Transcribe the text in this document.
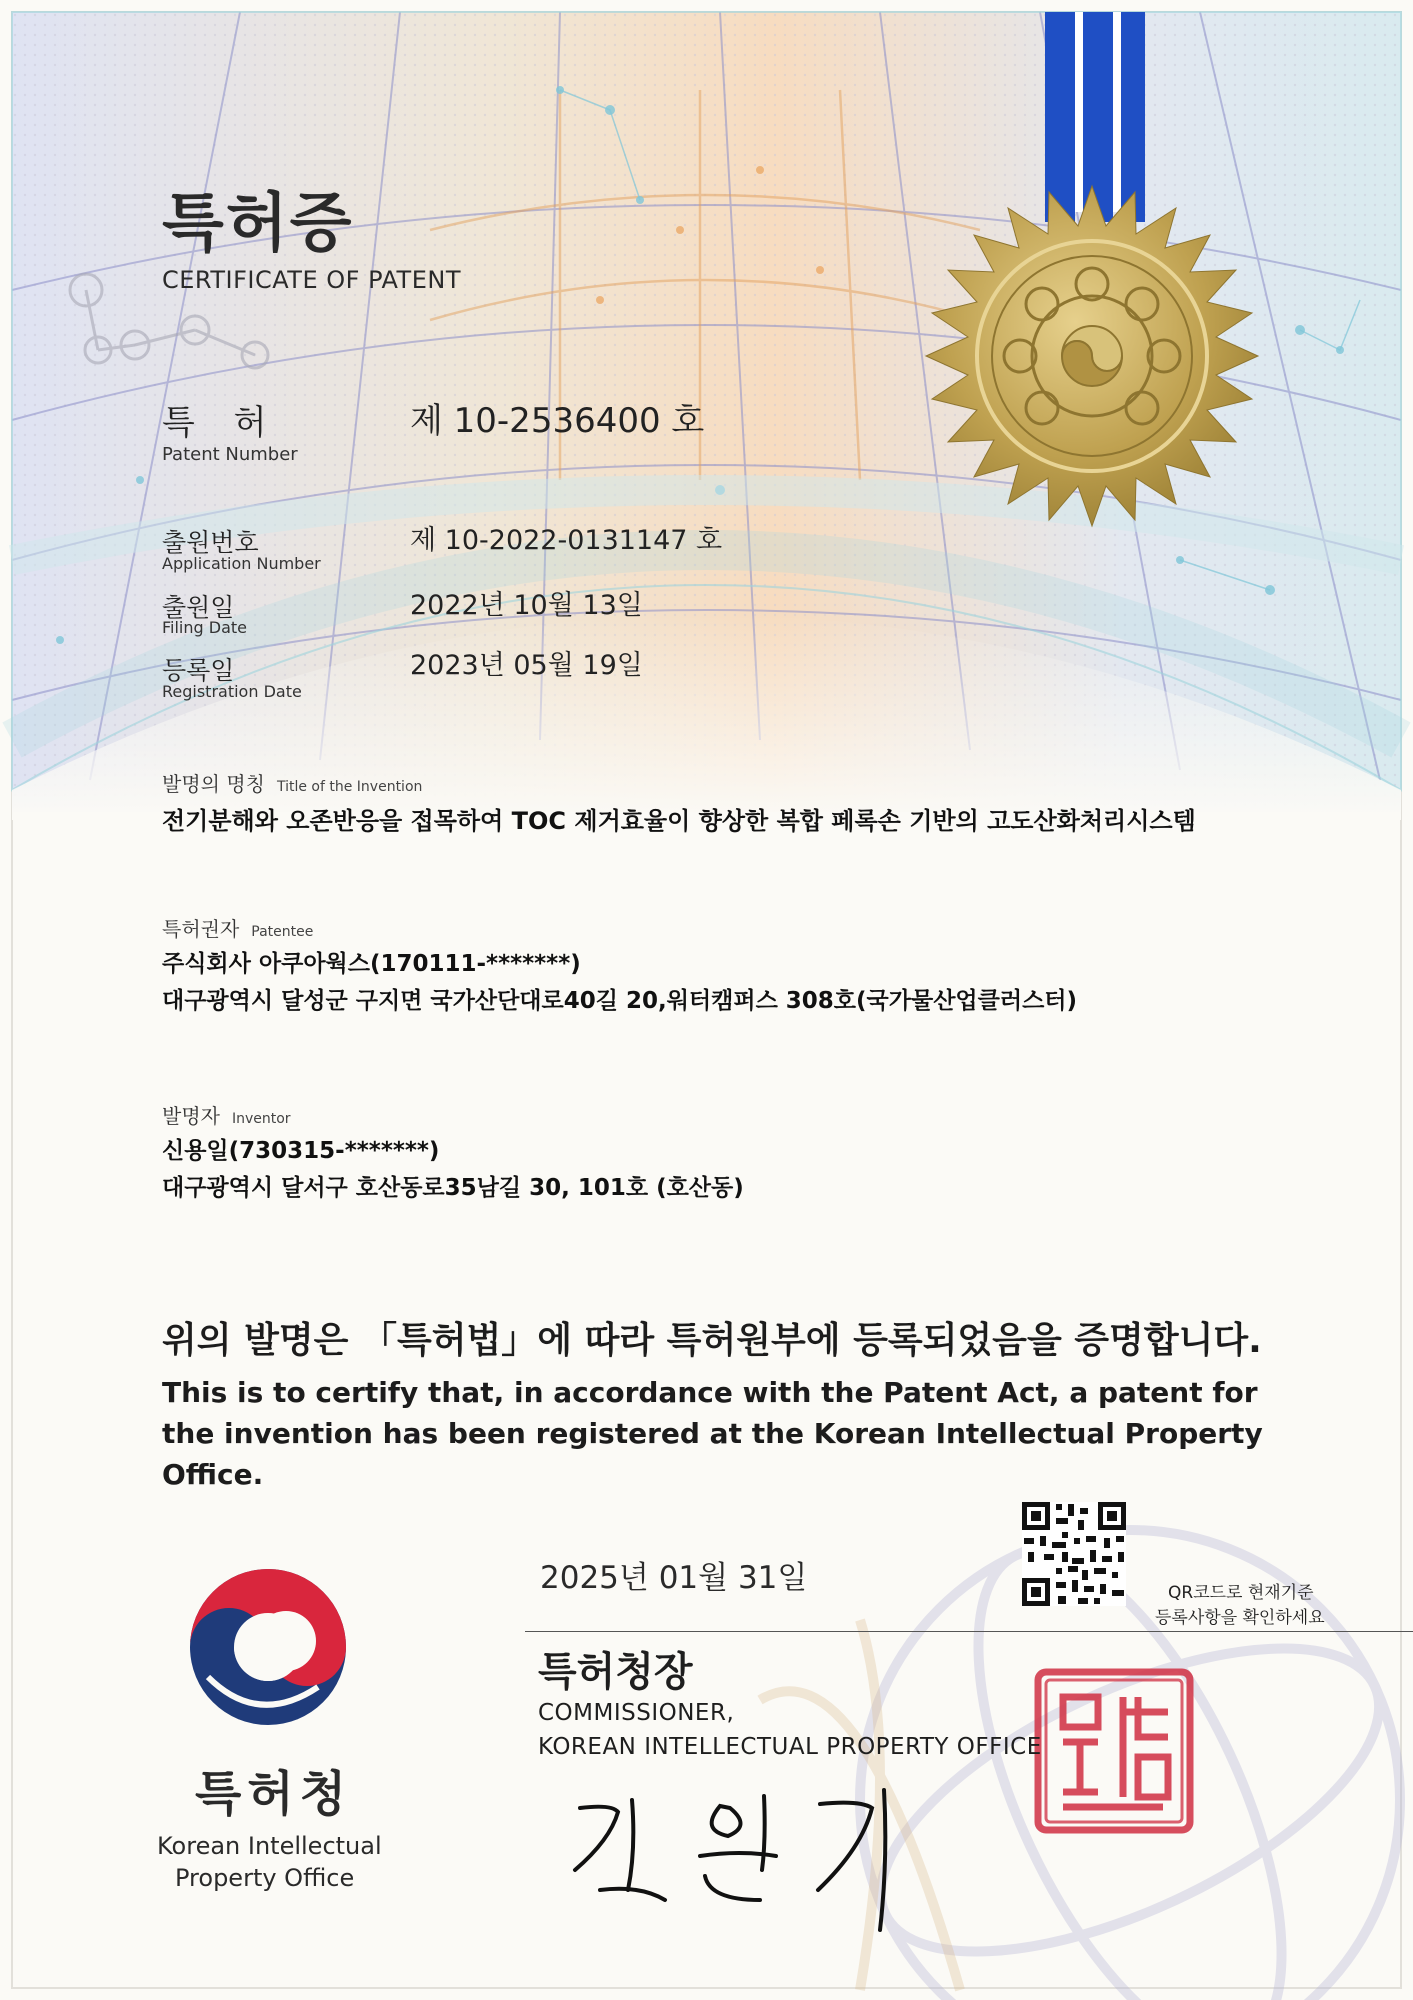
특허증
CERTIFICATE OF PATENT
특 허
Patent Number
제 10-2536400 호
출원번호
Application Number
제 10-2022-0131147 호
출원일
Filing Date
2022년 10월 13일
등록일
Registration Date
2023년 05월 19일
발명의 명칭 Title of the Invention
전기분해와 오존반응을 접목하여 TOC 제거효율이 향상한 복합 페록손 기반의 고도산화처리시스템
특허권자 Patentee
주식회사 아쿠아웍스(170111-*******)
대구광역시 달성군 구지면 국가산단대로40길 20,워터캠퍼스 308호(국가물산업클러스터)
발명자 Inventor
신용일(730315-*******)
대구광역시 달서구 호산동로35남길 30, 101호 (호산동)
위의 발명은 「특허법」에 따라 특허원부에 등록되었음을 증명합니다.
This is to certify that, in accordance with the Patent Act, a patent for the invention has been registered at the Korean Intellectual Property Office.
2025년 01월 31일	QR코드로 현재기준
등록사항을 확인하세요
특허청장
COMMISSIONER,
KOREAN INTELLECTUAL PROPERTY OFFICE
특허청
Korean Intellectual
Property Office
